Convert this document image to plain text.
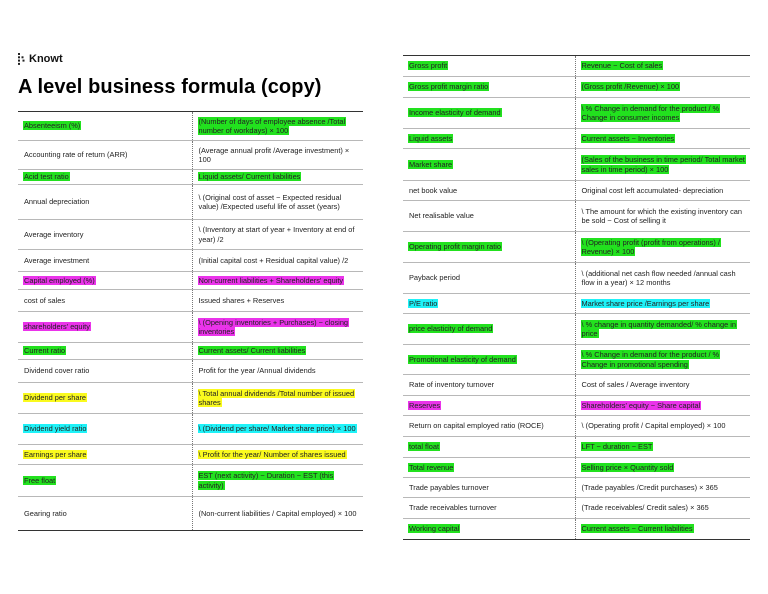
Knowt
A level business formula (copy)
Absenteeism (%)	(Number of days of employee absence /Total number of workdays) × 100
Accounting rate of return (ARR)	(Average annual profit /Average investment) × 100
Acid test ratio	Liquid assets/ Current liabilities
Annual depreciation	\ (Original cost of asset − Expected residual value) /Expected useful life of asset (years)
Average inventory	\ (Inventory at start of year + Inventory at end of year) /2
Average investment	(Initial capital cost + Residual capital value) /2
Capital employed (%)	Non-current liabilities + Shareholders' equity
cost of sales	Issued shares + Reserves
shareholders' equity	\ (Opening inventories + Purchases) − closing inventories
Current ratio	Current assets/ Current liabilities
Dividend cover ratio	Profit for the year /Annual dividends
Dividend per share	\ Total annual dividends /Total number of issued shares
Dividend yield ratio	\ (Dividend per share/ Market share price) × 100
Earnings per share	\ Profit for the year/ Number of shares issued
Free float	EST (next activity) − Duration − EST (this activity)
Gearing ratio	(Non-current liabilities / Capital employed) × 100
Gross profit	Revenue − Cost of sales
Gross profit margin ratio	(Gross profit /Revenue) × 100
Income elasticity of demand	\ % Change in demand for the product / % Change in consumer incomes
Liquid assets	Current assets − Inventories
Market share	(Sales of the business in time period/ Total market sales in time period) × 100
net book value	Original cost left accumulated- depreciation
Net realisable value	\ The amount for which the existing inventory can be sold − Cost of selling it
Operating profit margin ratio	\ (Operating profit (profit from operations) / Revenue) × 100
Payback period	\ (additional net cash flow needed /annual cash flow in a year) × 12 months
P/E ratio	Market share price /Earnings per share
price elasticity of demand	\ % change in quantity demanded/ % change in price
Promotional elasticity of demand	\ % Change in demand for the product / % Change in promotional spending
Rate of inventory turnover	Cost of sales / Average inventory
Reserves	Shareholders' equity − Share capital
Return on capital employed ratio (ROCE)	\ (Operating profit / Capital employed) × 100
total float	LFT − duration − EST
Total revenue	Selling price × Quantity sold
Trade payables turnover	(Trade payables /Credit purchases) × 365
Trade receivables turnover	(Trade receivables/ Credit sales) × 365
Working capital	Current assets − Current liabilities
